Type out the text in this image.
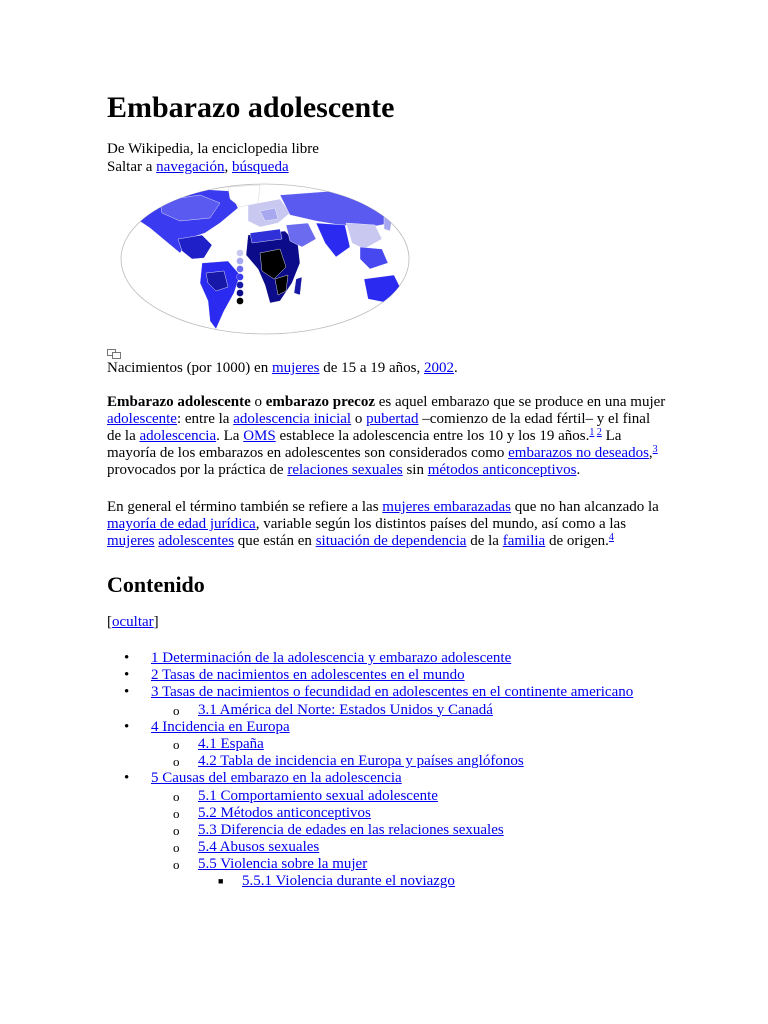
Embarazo adolescente
De Wikipedia, la enciclopedia libre
Saltar a navegación, búsqueda
Nacimientos (por 1000) en mujeres de 15 a 19 años, 2002.

Embarazo adolescente o embarazo precoz es aquel embarazo que se produce en una mujer adolescente: entre la adolescencia inicial o pubertad –comienzo de la edad fértil– y el final de la adolescencia. La OMS establece la adolescencia entre los 10 y los 19 años.$^{1 2}$ La mayoría de los embarazos en adolescentes son considerados como embarazos no deseados,$^3$ provocados por la práctica de relaciones sexuales sin métodos anticonceptivos.

En general el término también se refiere a las mujeres embarazadas que no han alcanzado la mayoría de edad jurídica, variable según los distintos países del mundo, así como a las mujeres adolescentes que están en situación de dependencia de la familia de origen.$^4$

Contenido
[ocultar]
•	1 Determinación de la adolescencia y embarazo adolescente
•	2 Tasas de nacimientos en adolescentes en el mundo
•	3 Tasas de nacimientos o fecundidad en adolescentes en el continente americano
o	3.1 América del Norte: Estados Unidos y Canadá
•	4 Incidencia en Europa
o	4.1 España
o	4.2 Tabla de incidencia en Europa y países anglófonos
•	5 Causas del embarazo en la adolescencia
o	5.1 Comportamiento sexual adolescente
o	5.2 Métodos anticonceptivos
o	5.3 Diferencia de edades en las relaciones sexuales
o	5.4 Abusos sexuales
o	5.5 Violencia sobre la mujer
■	5.5.1 Violencia durante el noviazgo
